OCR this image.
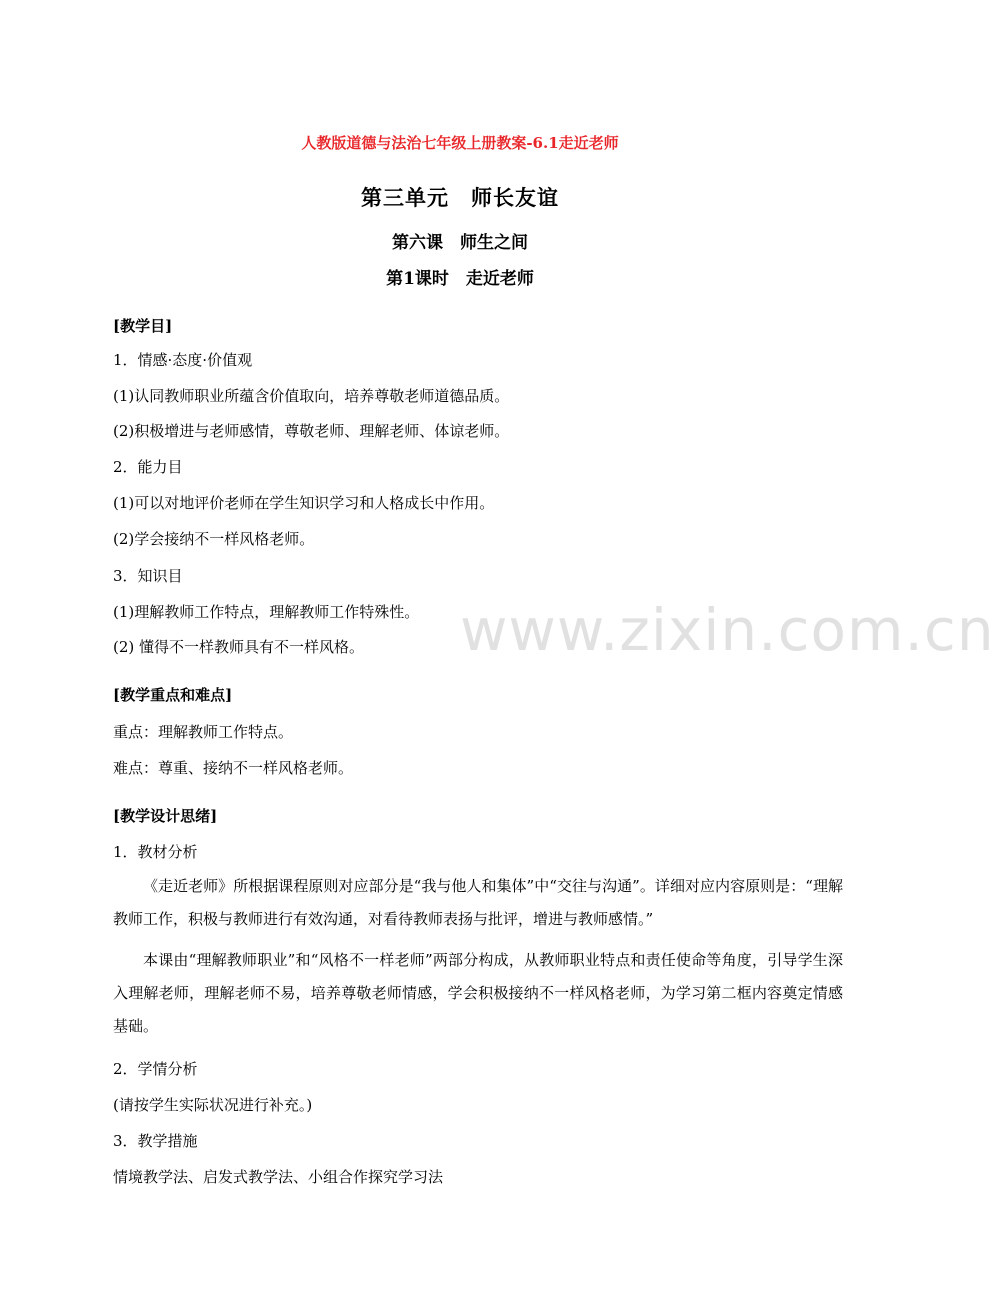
www.zixin.com.cn
人教版道德与法治七年级上册教案-6.1走近老师
第三单元　师长友谊
第六课　师生之间
第1课时　走近老师
[教学目]
1．情感·态度·价值观
(1)认同教师职业所蕴含价值取向，培养尊敬老师道德品质。
(2)积极增进与老师感情，尊敬老师、理解老师、体谅老师。
2．能力目
(1)可以对地评价老师在学生知识学习和人格成长中作用。
(2)学会接纳不一样风格老师。
3．知识目
(1)理解教师工作特点，理解教师工作特殊性。
(2) 懂得不一样教师具有不一样风格。
[教学重点和难点]
重点：理解教师工作特点。
难点：尊重、接纳不一样风格老师。
[教学设计思绪]
1．教材分析
《走近老师》所根据课程原则对应部分是“我与他人和集体”中“交往与沟通”。详细对应内容原则是：“理解教师工作，积极与教师进行有效沟通，对看待教师表扬与批评，增进与教师感情。”
本课由“理解教师职业”和“风格不一样老师”两部分构成，从教师职业特点和责任使命等角度，引导学生深入理解老师，理解老师不易，培养尊敬老师情感，学会积极接纳不一样风格老师，为学习第二框内容奠定情感基础。
2．学情分析
(请按学生实际状况进行补充。)
3．教学措施
情境教学法、启发式教学法、小组合作探究学习法
